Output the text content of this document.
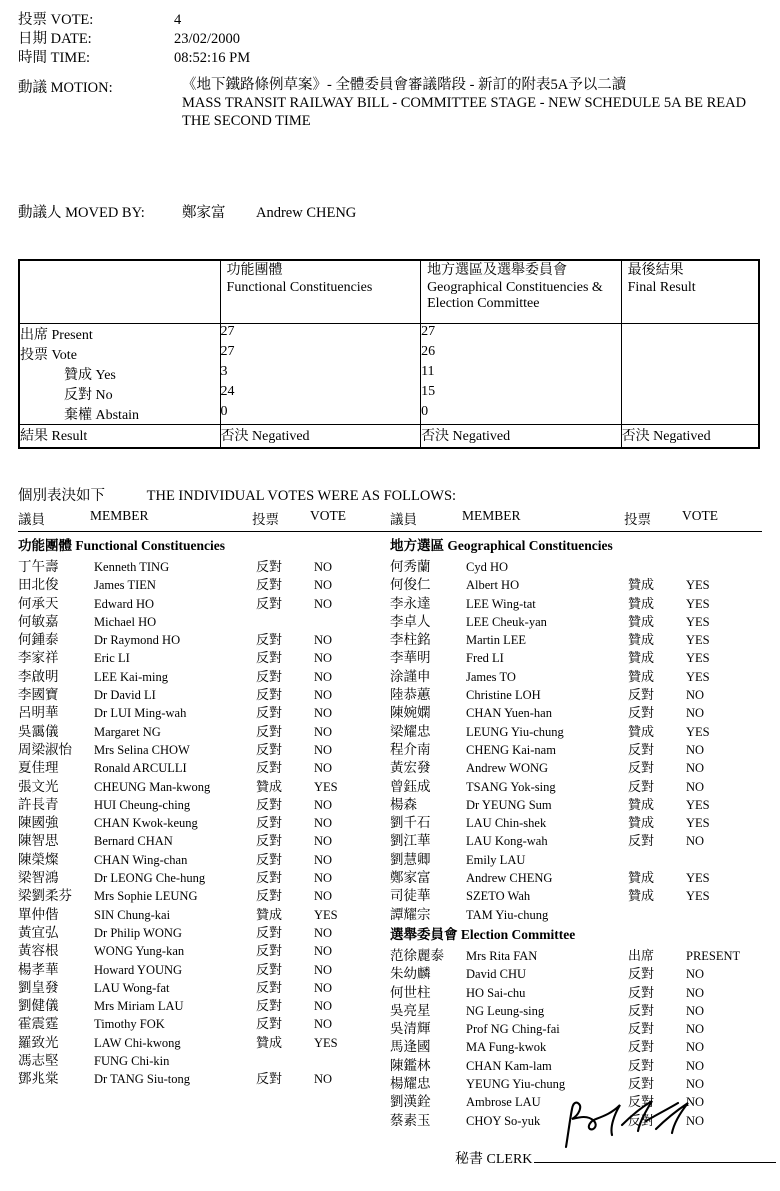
投票 VOTE:	4
日期 DATE:	23/02/2000
時間 TIME:	08:52:16 PM
動議 MOTION:	《地下鐵路條例草案》- 全體委員會審議階段 - 新訂的附表5A予以二讀
MASS TRANSIT RAILWAY BILL - COMMITTEE STAGE - NEW SCHEDULE 5A BE READ THE SECOND TIME
動議人 MOVED BY:	鄭家富	Andrew CHENG

功能團體
Functional Constituencies

地方選區及選舉委員會
Geographical Constituencies & Election Committee

最後結果
Final Result

出席 Present	27	27	
投票 Vote	27	26	
贊成 Yes	3	11	
反對 No	24	15	
棄權 Abstain	0	0	
結果 Result	否決 Negatived	否決 Negatived	否決 Negatived
個別表決如下	THE INDIVIDUAL VOTES WERE AS FOLLOWS:
議員	MEMBER	投票	VOTE
功能團體 Functional Constituencies
丁午壽	Kenneth TING	反對	NO
田北俊	James TIEN	反對	NO
何承天	Edward HO	反對	NO
何敏嘉	Michael HO
何鍾泰	Dr Raymond HO	反對	NO
李家祥	Eric LI	反對	NO
李啟明	LEE Kai-ming	反對	NO
李國寶	Dr David LI	反對	NO
呂明華	Dr LUI Ming-wah	反對	NO
吳靄儀	Margaret NG	反對	NO
周梁淑怡	Mrs Selina CHOW	反對	NO
夏佳理	Ronald ARCULLI	反對	NO
張文光	CHEUNG Man-kwong	贊成	YES
許長青	HUI Cheung-ching	反對	NO
陳國強	CHAN Kwok-keung	反對	NO
陳智思	Bernard CHAN	反對	NO
陳榮燦	CHAN Wing-chan	反對	NO
梁智鴻	Dr LEONG Che-hung	反對	NO
梁劉柔芬	Mrs Sophie LEUNG	反對	NO
單仲偕	SIN Chung-kai	贊成	YES
黃宜弘	Dr Philip WONG	反對	NO
黃容根	WONG Yung-kan	反對	NO
楊孝華	Howard YOUNG	反對	NO
劉皇發	LAU Wong-fat	反對	NO
劉健儀	Mrs Miriam LAU	反對	NO
霍震霆	Timothy FOK	反對	NO
羅致光	LAW Chi-kwong	贊成	YES
馮志堅	FUNG Chi-kin
鄧兆棠	Dr TANG Siu-tong	反對	NO
議員	MEMBER	投票	VOTE
地方選區 Geographical Constituencies
何秀蘭	Cyd HO
何俊仁	Albert HO	贊成	YES
李永達	LEE Wing-tat	贊成	YES
李卓人	LEE Cheuk-yan	贊成	YES
李柱銘	Martin LEE	贊成	YES
李華明	Fred LI	贊成	YES
涂謹申	James TO	贊成	YES
陸恭蕙	Christine LOH	反對	NO
陳婉嫻	CHAN Yuen-han	反對	NO
梁耀忠	LEUNG Yiu-chung	贊成	YES
程介南	CHENG Kai-nam	反對	NO
黃宏發	Andrew WONG	反對	NO
曾鈺成	TSANG Yok-sing	反對	NO
楊森	Dr YEUNG Sum	贊成	YES
劉千石	LAU Chin-shek	贊成	YES
劉江華	LAU Kong-wah	反對	NO
劉慧卿	Emily LAU
鄭家富	Andrew CHENG	贊成	YES
司徒華	SZETO Wah	贊成	YES
譚耀宗	TAM Yiu-chung
選舉委員會 Election Committee
范徐麗泰	Mrs Rita FAN	出席	PRESENT
朱幼麟	David CHU	反對	NO
何世柱	HO Sai-chu	反對	NO
吳亮星	NG Leung-sing	反對	NO
吳清輝	Prof NG Ching-fai	反對	NO
馬逢國	MA Fung-kwok	反對	NO
陳鑑林	CHAN Kam-lam	反對	NO
楊耀忠	YEUNG Yiu-chung	反對	NO
劉漢銓	Ambrose LAU	反對	NO
蔡素玉	CHOY So-yuk	反對	NO
秘書 CLERK
